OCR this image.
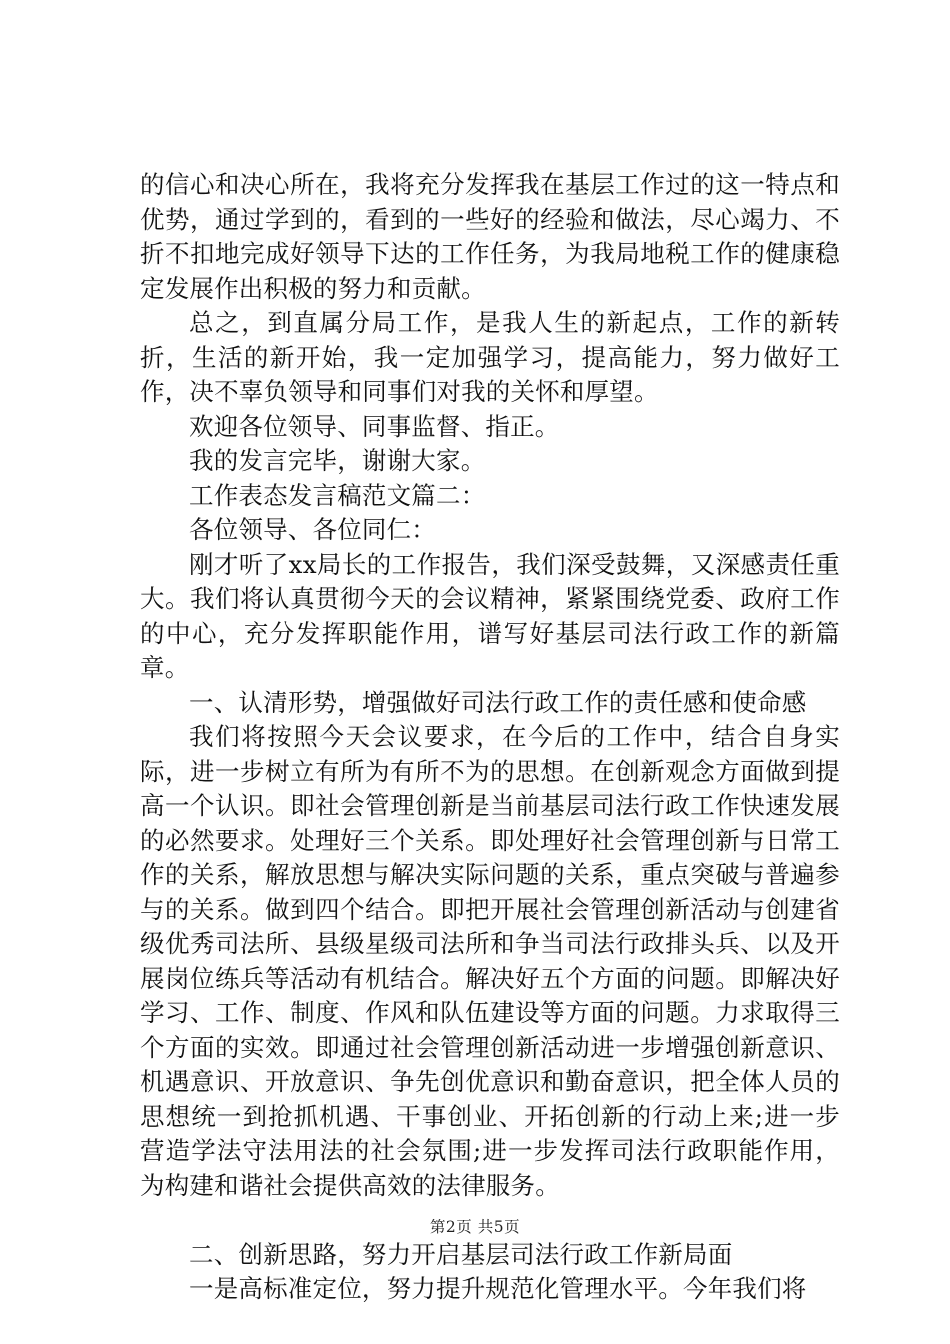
的信心和决心所在，我将充分发挥我在基层工作过的这一特点和优势，通过学到的，看到的一些好的经验和做法，尽心竭力、不折不扣地完成好领导下达的工作任务，为我局地税工作的健康稳定发展作出积极的努力和贡献。

总之，到直属分局工作，是我人生的新起点，工作的新转折，生活的新开始，我一定加强学习，提高能力，努力做好工作，决不辜负领导和同事们对我的关怀和厚望。

欢迎各位领导、同事监督、指正。

我的发言完毕，谢谢大家。

工作表态发言稿范文篇二：

各位领导、各位同仁：

刚才听了xx局长的工作报告，我们深受鼓舞，又深感责任重大。我们将认真贯彻今天的会议精神，紧紧围绕党委、政府工作的中心，充分发挥职能作用，谱写好基层司法行政工作的新篇章。

一、认清形势，增强做好司法行政工作的责任感和使命感

我们将按照今天会议要求，在今后的工作中，结合自身实际，进一步树立有所为有所不为的思想。在创新观念方面做到提高一个认识。即社会管理创新是当前基层司法行政工作快速发展的必然要求。处理好三个关系。即处理好社会管理创新与日常工作的关系，解放思想与解决实际问题的关系，重点突破与普遍参与的关系。做到四个结合。即把开展社会管理创新活动与创建省级优秀司法所、县级星级司法所和争当司法行政排头兵、以及开展岗位练兵等活动有机结合。解决好五个方面的问题。即解决好学习、工作、制度、作风和队伍建设等方面的问题。力求取得三个方面的实效。即通过社会管理创新活动进一步增强创新意识、机遇意识、开放意识、争先创优意识和勤奋意识，把全体人员的思想统一到抢抓机遇、干事创业、开拓创新的行动上来;进一步营造学法守法用法的社会氛围;进一步发挥司法行政职能作用，为构建和谐社会提供高效的法律服务。

二、创新思路，努力开启基层司法行政工作新局面

一是高标准定位，努力提升规范化管理水平。今年我们将

第2页 共5页
